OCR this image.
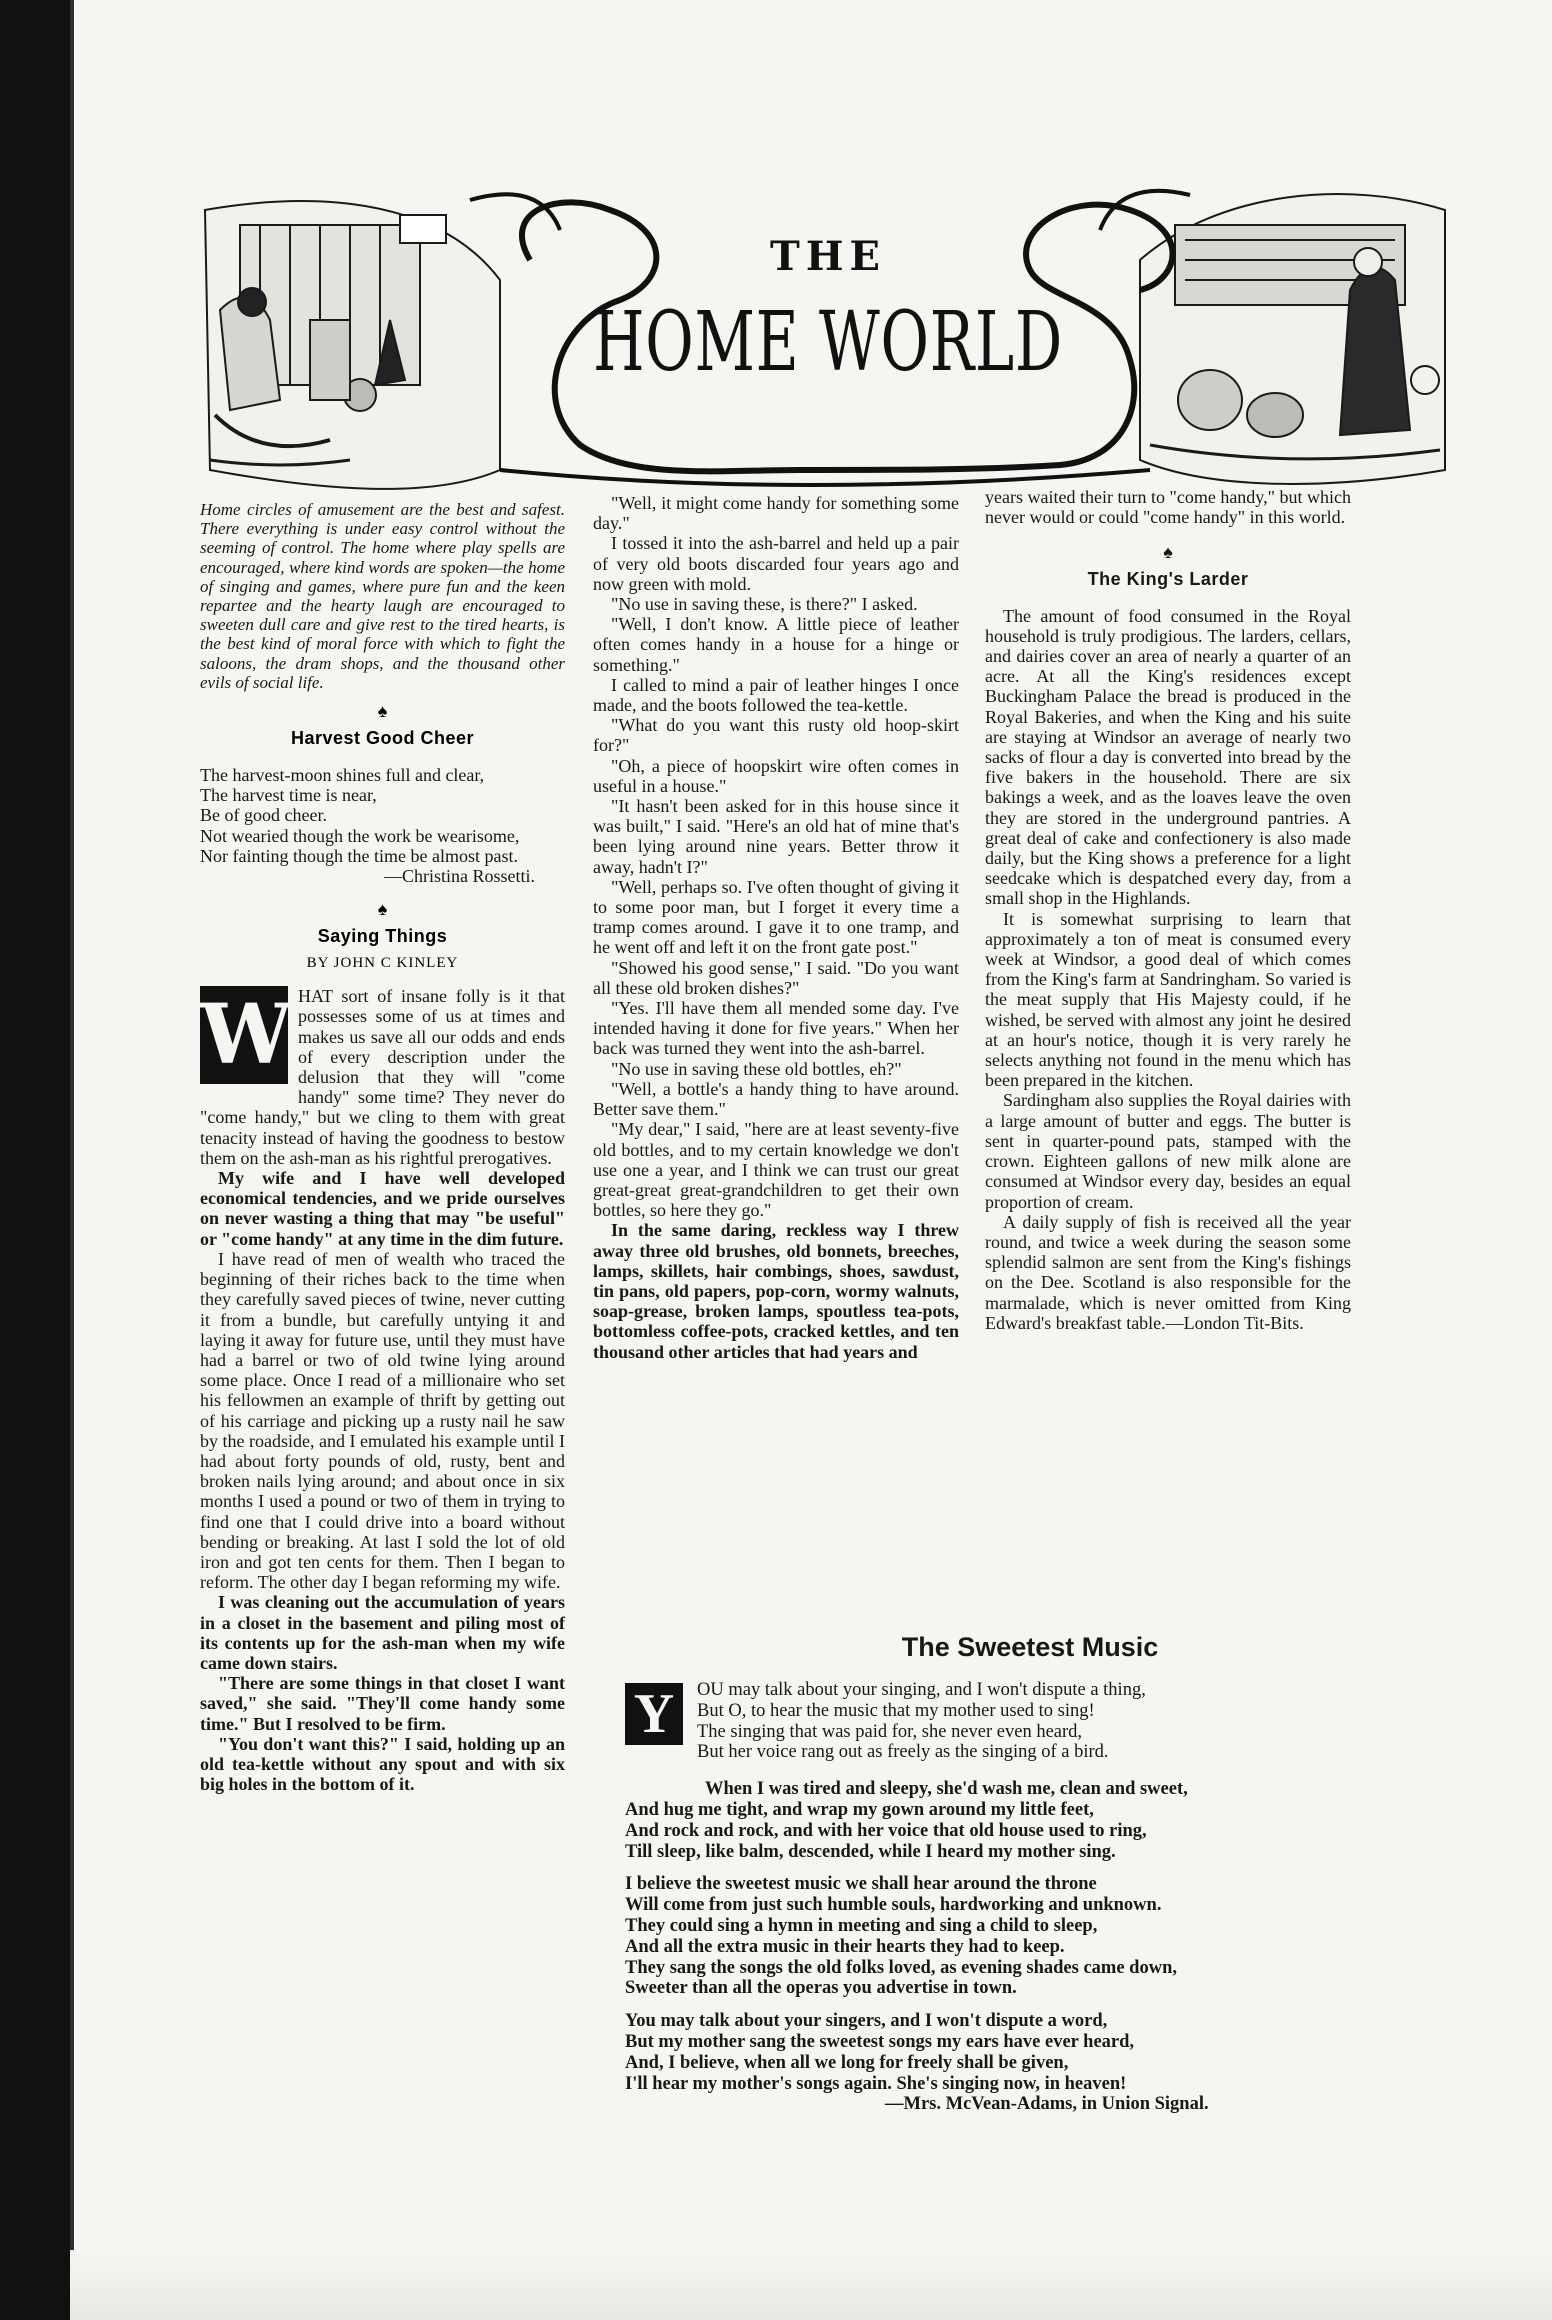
THE
HOME WORLD

Home circles of amusement are the best and safest. There everything is under easy control without the seeming of control. The home where play spells are encouraged, where kind words are spoken—the home of singing and games, where pure fun and the keen repartee and the hearty laugh are encouraged to sweeten dull care and give rest to the tired hearts, is the best kind of moral force with which to fight the saloons, the dram shops, and the thousand other evils of social life.

♠
Harvest Good Cheer

The harvest-moon shines full and clear,

The harvest time is near,

Be of good cheer.

Not wearied though the work be wearisome,

Nor fainting though the time be almost past.

—Christina Rossetti.

♠
Saying Things
BY JOHN C KINLEY
W HAT sort of insane folly is it that possesses some of us at times and makes us save all our odds and ends of every description under the delusion that they will "come handy" some time? They never do "come handy," but we cling to them with great tenacity instead of having the goodness to bestow them on the ash-man as his rightful prerogatives.

My wife and I have well developed economical tendencies, and we pride ourselves on never wasting a thing that may "be useful" or "come handy" at any time in the dim future.

I have read of men of wealth who traced the beginning of their riches back to the time when they carefully saved pieces of twine, never cutting it from a bundle, but carefully untying it and laying it away for future use, until they must have had a barrel or two of old twine lying around some place. Once I read of a millionaire who set his fellowmen an example of thrift by getting out of his carriage and picking up a rusty nail he saw by the roadside, and I emulated his example until I had about forty pounds of old, rusty, bent and broken nails lying around; and about once in six months I used a pound or two of them in trying to find one that I could drive into a board without bending or breaking. At last I sold the lot of old iron and got ten cents for them. Then I began to reform. The other day I began reforming my wife.

I was cleaning out the accumulation of years in a closet in the basement and piling most of its contents up for the ash-man when my wife came down stairs.

"There are some things in that closet I want saved," she said. "They'll come handy some time." But I resolved to be firm.

"You don't want this?" I said, holding up an old tea-kettle without any spout and with six big holes in the bottom of it.

"Well, it might come handy for something some day."

I tossed it into the ash-barrel and held up a pair of very old boots discarded four years ago and now green with mold.

"No use in saving these, is there?" I asked.

"Well, I don't know. A little piece of leather often comes handy in a house for a hinge or something."

I called to mind a pair of leather hinges I once made, and the boots followed the tea-kettle.

"What do you want this rusty old hoop-skirt for?"

"Oh, a piece of hoopskirt wire often comes in useful in a house."

"It hasn't been asked for in this house since it was built," I said. "Here's an old hat of mine that's been lying around nine years. Better throw it away, hadn't I?"

"Well, perhaps so. I've often thought of giving it to some poor man, but I forget it every time a tramp comes around. I gave it to one tramp, and he went off and left it on the front gate post."

"Showed his good sense," I said. "Do you want all these old broken dishes?"

"Yes. I'll have them all mended some day. I've intended having it done for five years." When her back was turned they went into the ash-barrel.

"No use in saving these old bottles, eh?"

"Well, a bottle's a handy thing to have around. Better save them."

"My dear," I said, "here are at least seventy-five old bottles, and to my certain knowledge we don't use one a year, and I think we can trust our great great-great great-grandchildren to get their own bottles, so here they go."

In the same daring, reckless way I threw away three old brushes, old bonnets, breeches, lamps, skillets, hair combings, shoes, sawdust, tin pans, old papers, pop-corn, wormy walnuts, soap-grease, broken lamps, spoutless tea-pots, bottomless coffee-pots, cracked kettles, and ten thousand other articles that had years and

years waited their turn to "come handy," but which never would or could "come handy" in this world.

♠
The King's Larder

The amount of food consumed in the Royal household is truly prodigious. The larders, cellars, and dairies cover an area of nearly a quarter of an acre. At all the King's residences except Buckingham Palace the bread is produced in the Royal Bakeries, and when the King and his suite are staying at Windsor an average of nearly two sacks of flour a day is converted into bread by the five bakers in the household. There are six bakings a week, and as the loaves leave the oven they are stored in the underground pantries. A great deal of cake and confectionery is also made daily, but the King shows a preference for a light seedcake which is despatched every day, from a small shop in the Highlands.

It is somewhat surprising to learn that approximately a ton of meat is consumed every week at Windsor, a good deal of which comes from the King's farm at Sandringham. So varied is the meat supply that His Majesty could, if he wished, be served with almost any joint he desired at an hour's notice, though it is very rarely he selects anything not found in the menu which has been prepared in the kitchen.

Sardingham also supplies the Royal dairies with a large amount of butter and eggs. The butter is sent in quarter-pound pats, stamped with the crown. Eighteen gallons of new milk alone are consumed at Windsor every day, besides an equal proportion of cream.

A daily supply of fish is received all the year round, and twice a week during the season some splendid salmon are sent from the King's fishings on the Dee. Scotland is also responsible for the marmalade, which is never omitted from King Edward's breakfast table.—London Tit-Bits.

The Sweetest Music
Y	OU may talk about your singing, and I won't dispute a thing,
But O, to hear the music that my mother used to sing!
The singing that was paid for, she never even heard,
But her voice rang out as freely as the singing of a bird.
When I was tired and sleepy, she'd wash me, clean and sweet,
And hug me tight, and wrap my gown around my little feet,
And rock and rock, and with her voice that old house used to ring,
Till sleep, like balm, descended, while I heard my mother sing.
I believe the sweetest music we shall hear around the throne
Will come from just such humble souls, hardworking and unknown.
They could sing a hymn in meeting and sing a child to sleep,
And all the extra music in their hearts they had to keep.
They sang the songs the old folks loved, as evening shades came down,
Sweeter than all the operas you advertise in town.
You may talk about your singers, and I won't dispute a word,
But my mother sang the sweetest songs my ears have ever heard,
And, I believe, when all we long for freely shall be given,
I'll hear my mother's songs again. She's singing now, in heaven!
—Mrs. McVean-Adams, in Union Signal.
